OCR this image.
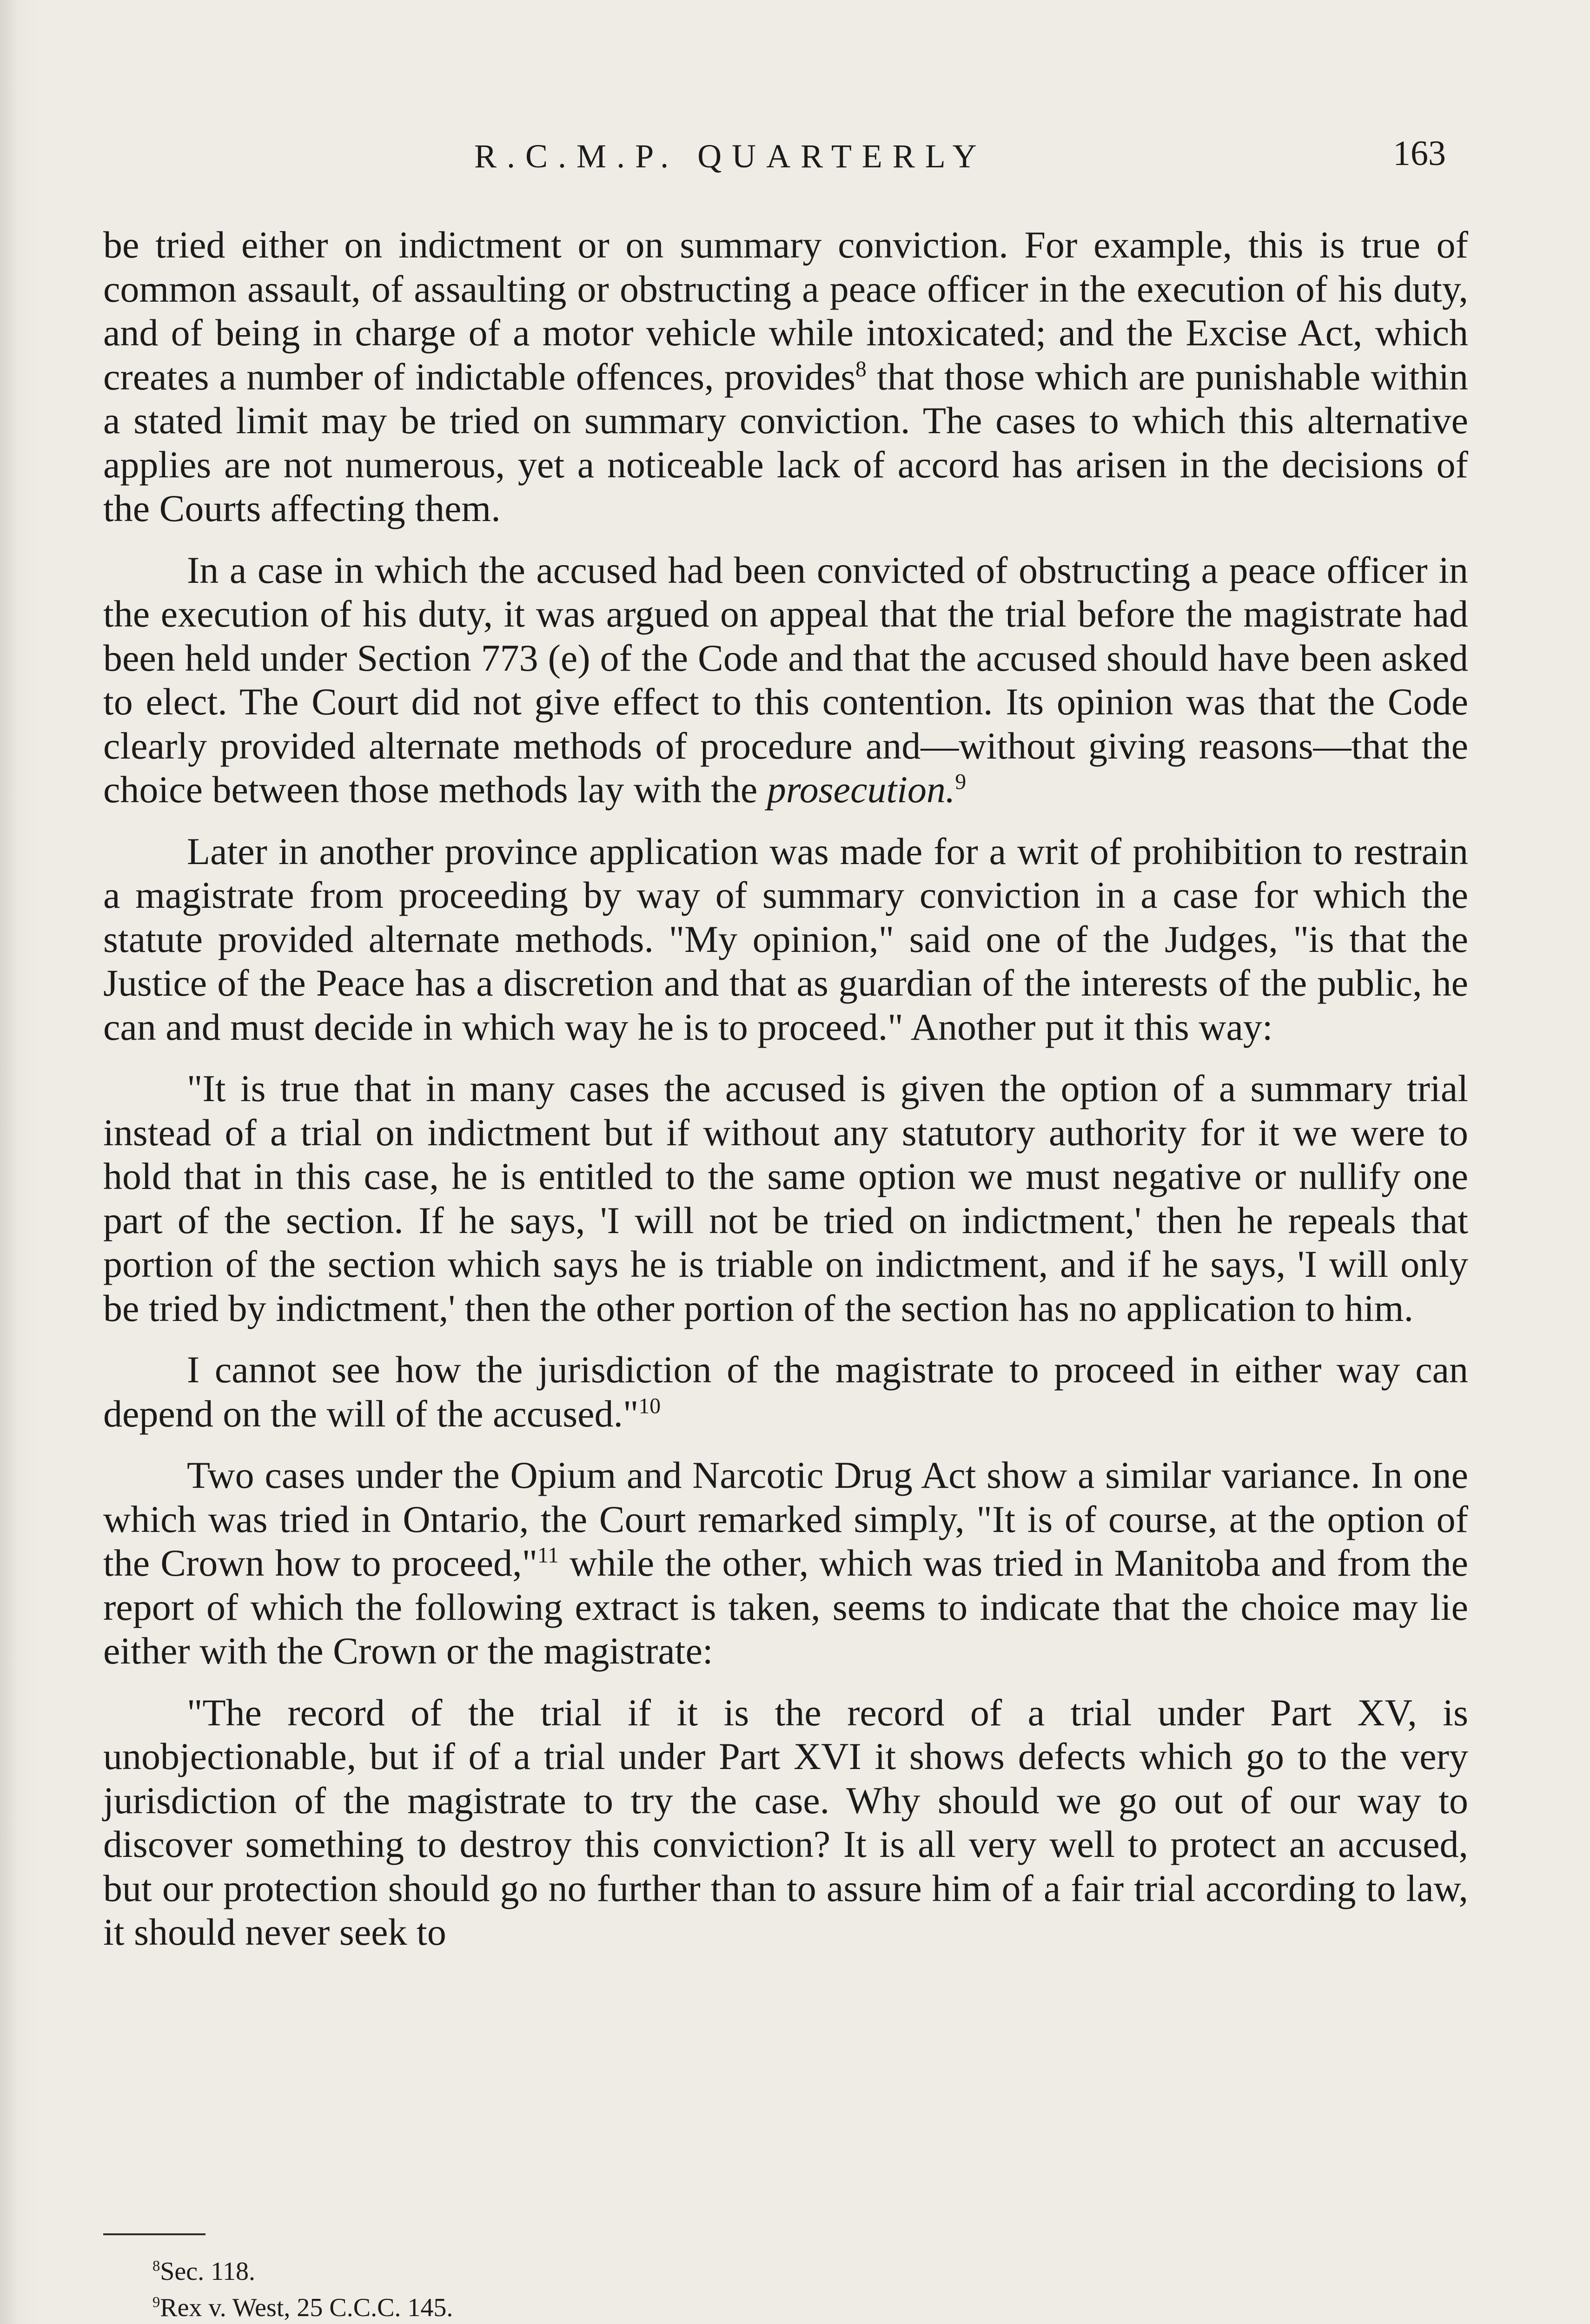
R.C.M.P. QUARTERLY	163

be tried either on indictment or on summary conviction. For example, this is true of common assault, of assaulting or obstructing a peace officer in the execution of his duty, and of being in charge of a motor vehicle while intoxicated; and the Excise Act, which creates a number of indictable offences, provides$^8$ that those which are punishable within a stated limit may be tried on summary conviction. The cases to which this alternative applies are not numerous, yet a noticeable lack of accord has arisen in the decisions of the Courts affecting them.

In a case in which the accused had been convicted of obstructing a peace officer in the execution of his duty, it was argued on appeal that the trial before the magistrate had been held under Section 773 (e) of the Code and that the accused should have been asked to elect. The Court did not give effect to this contention. Its opinion was that the Code clearly provided alternate methods of procedure and—without giving reasons—that the choice between those methods lay with the prosecution.$^9$

Later in another province application was made for a writ of prohibition to restrain a magistrate from proceeding by way of summary conviction in a case for which the statute provided alternate methods. "My opinion," said one of the Judges, "is that the Justice of the Peace has a discretion and that as guardian of the interests of the public, he can and must decide in which way he is to proceed." Another put it this way:

"It is true that in many cases the accused is given the option of a summary trial instead of a trial on indictment but if without any statutory authority for it we were to hold that in this case, he is entitled to the same option we must negative or nullify one part of the section. If he says, 'I will not be tried on indictment,' then he repeals that portion of the section which says he is triable on indictment, and if he says, 'I will only be tried by indictment,' then the other portion of the section has no application to him.

I cannot see how the jurisdiction of the magistrate to proceed in either way can depend on the will of the accused."$^{10}$

Two cases under the Opium and Narcotic Drug Act show a similar variance. In one which was tried in Ontario, the Court remarked simply, "It is of course, at the option of the Crown how to proceed,"$^{11}$ while the other, which was tried in Manitoba and from the report of which the following extract is taken, seems to indicate that the choice may lie either with the Crown or the magistrate:

"The record of the trial if it is the record of a trial under Part XV, is unobjectionable, but if of a trial under Part XVI it shows defects which go to the very jurisdiction of the magistrate to try the case. Why should we go out of our way to discover something to destroy this conviction? It is all very well to protect an accused, but our protection should go no further than to assure him of a fair trial according to law, it should never seek to

$^8$Sec. 118.

$^9$Rex v. West, 25 C.C.C. 145.
